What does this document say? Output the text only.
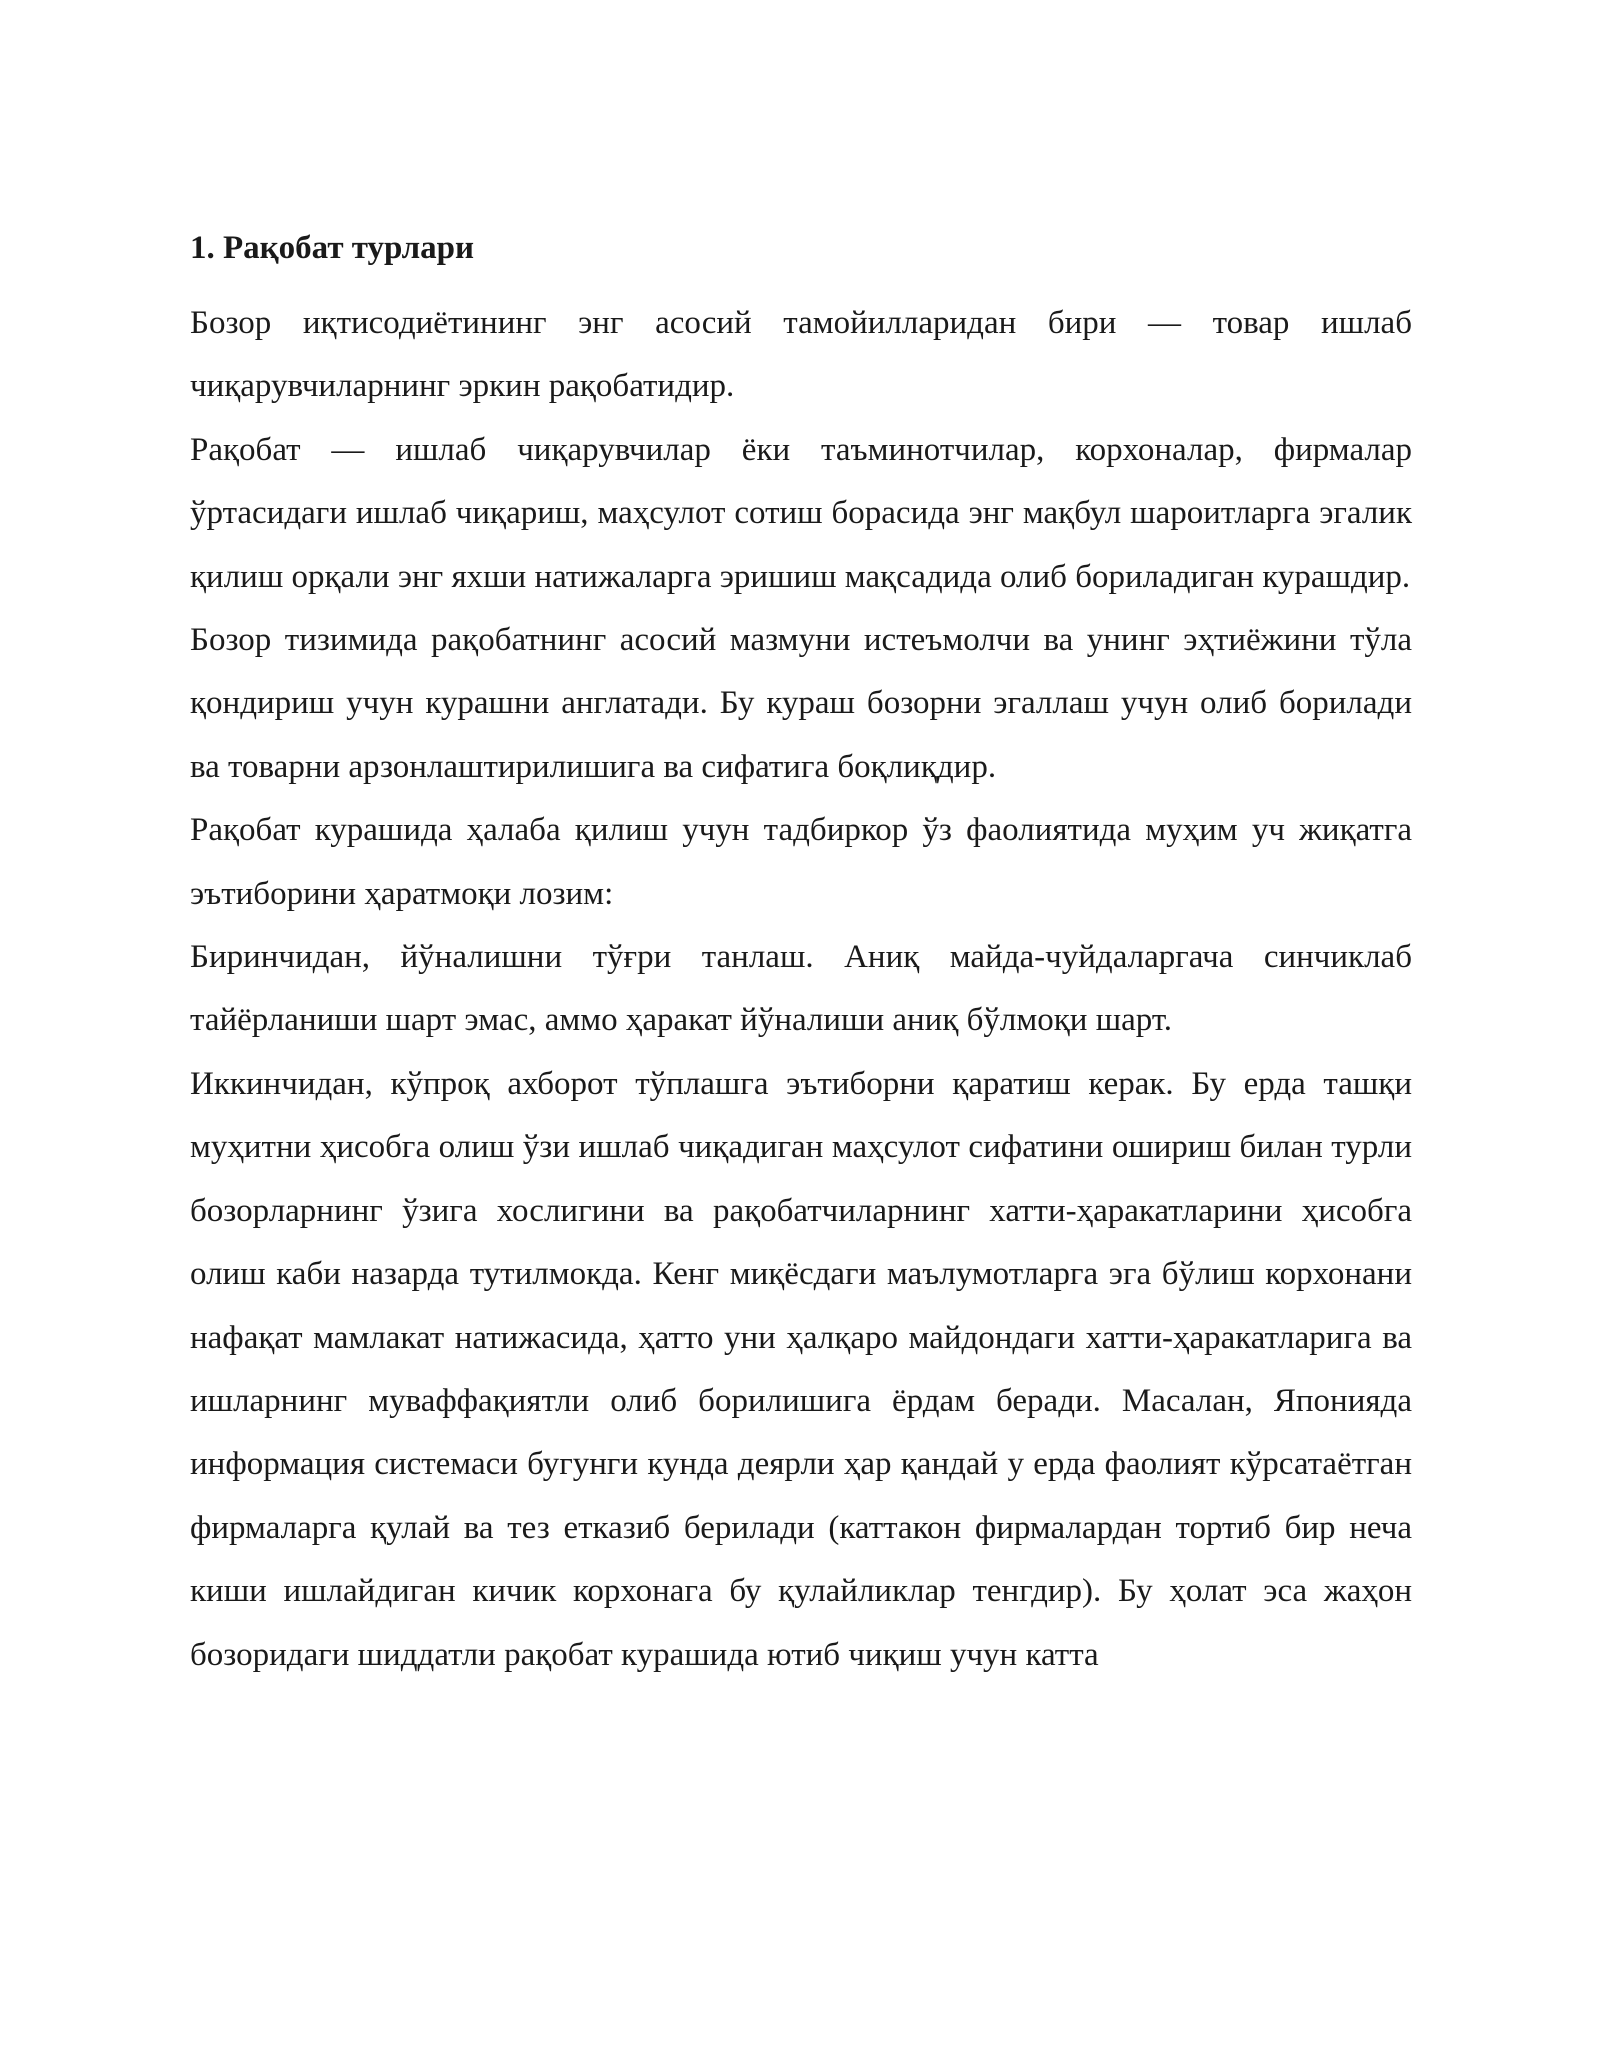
1. Рақобат турлари

Бозор иқтисодиётининг энг асосий тамойилларидан бири — товар ишлаб чиқарувчиларнинг эркин рақобатидир.

Рақобат — ишлаб чиқарувчилар ёки таъминотчилар, корхоналар, фирмалар ўртасидаги ишлаб чиқариш, маҳсулот сотиш борасида энг мақбул шароитларга эгалик қилиш орқали энг яхши натижаларга эришиш мақсадида олиб бориладиган курашдир.

Бозор тизимида рақобатнинг асосий мазмуни истеъмолчи ва унинг эҳтиёжини тўла қондириш учун курашни англатади. Бу кураш бозорни эгаллаш учун олиб борилади ва товарни арзонлаштирилишига ва сифатига боқлиқдир.

Рақобат курашида ҳалаба қилиш учун тадбиркор ўз фаолиятида муҳим уч жиқатга эътиборини ҳаратмоқи лозим:

Биринчидан, йўналишни тўғри танлаш. Аниқ майда-чуйдаларгача синчиклаб тайёрланиши шарт эмас, аммо ҳаракат йўналиши аниқ бўлмоқи шарт.

Иккинчидан, кўпроқ ахборот тўплашга эътиборни қаратиш керак. Бу ерда ташқи муҳитни ҳисобга олиш ўзи ишлаб чиқадиган маҳсулот сифатини ошириш билан турли бозорларнинг ўзига хослигини ва рақобатчиларнинг хатти-ҳаракатларини ҳисобга олиш каби назарда тутилмокда. Кенг миқёсдаги маълумотларга эга бўлиш корхонани нафақат мамлакат натижасида, ҳатто уни ҳалқаро майдондаги хатти-ҳаракатларига ва ишларнинг муваффақиятли олиб борилишига ёрдам беради. Масалан, Японияда информация системаси бугунги кунда деярли ҳар қандай у ерда фаолият кўрсатаётган фирмаларга қулай ва тез етказиб берилади (каттакон фирмалардан тортиб бир неча киши ишлайдиган кичик корхонага бу қулайликлар тенгдир). Бу ҳолат эса жаҳон бозоридаги шиддатли рақобат курашида ютиб чиқиш учун катта
